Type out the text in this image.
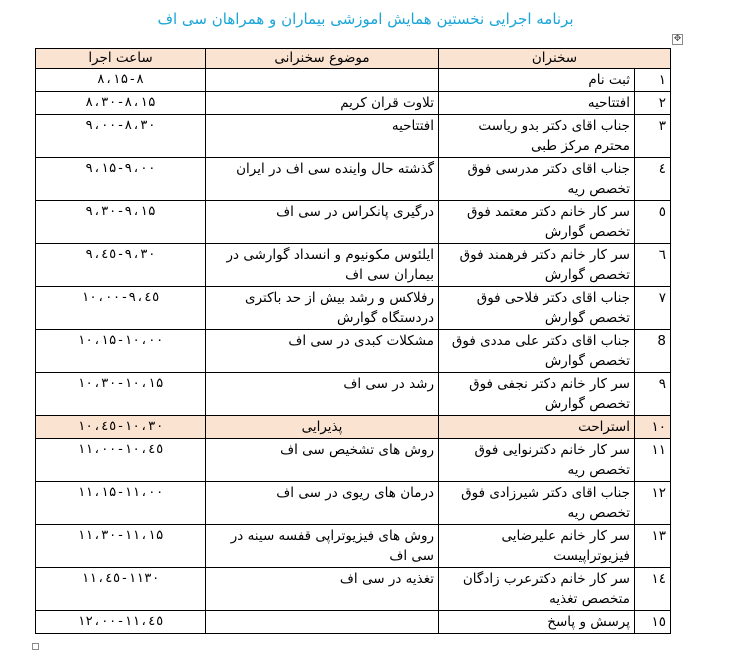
برنامه اجرایی نخستین همایش اموزشی بیماران و همراهان سی اف
✥
سخنران		موضوع سخنرانی	ساعت اجرا
۱	ثبت نام		۸،۱۵-۸
۲	افتتاحیه	تلاوت قران کریم	۸،۳۰-۸،۱۵
۳	جناب اقای دکتر بدو ریاست محترم مرکز طبی	افتتاحیه	۹،۰۰-۸،۳۰
٤	جناب اقای دکتر مدرسی فوق تخصص ریه	گذشته حال واینده سی اف در ایران	۹،۱۵-۹،۰۰
٥	سر کار خانم دکتر معتمد فوق تخصص گوارش	درگیری پانکراس در سی اف	۹،۳۰-۹،۱۵
٦	سر کار خانم دکتر فرهمند فوق تخصص گوارش	ایلئوس مکونیوم و انسداد گوارشی در بیماران سی اف	۹،٤٥-۹،۳۰
۷	جناب اقای دکتر فلاحی فوق تخصص گوارش	رفلاکس و رشد بیش از حد باکتری دردستگاه گوارش	۱۰،۰۰-۹،٤٥
8	جناب اقای دکتر علی مددی فوق تخصص گوارش	مشکلات کبدی در سی اف	۱۰،۱۵-۱۰،۰۰
۹	سر کار خانم دکتر نجفی فوق تخصص گوارش	رشد در سی اف	۱۰،۳۰-۱۰،۱۵
۱۰	استراحت	پذیرایی	۱۰،٤٥-۱۰،۳۰
۱۱	سر کار خانم دکترنوایی فوق تخصص ریه	روش های تشخیص سی اف	۱۱،۰۰-۱۰،٤٥
۱۲	جناب اقای دکتر شیرزادی فوق تخصص ریه	درمان های ریوی در سی اف	۱۱،۱۵-۱۱،۰۰
۱۳	سر کار خانم علیرضایی فیزیوتراپیست	روش های فیزیوتراپی قفسه سینه در سی اف	۱۱،۳۰-۱۱،۱۵
۱٤	سر کار خانم دکترعرب زادگان متخصص تغذیه	تغذیه در سی اف	۱۱،٤٥-۱۱۳۰
۱٥	پرسش و پاسخ		۱۲،۰۰-۱۱،٤٥
